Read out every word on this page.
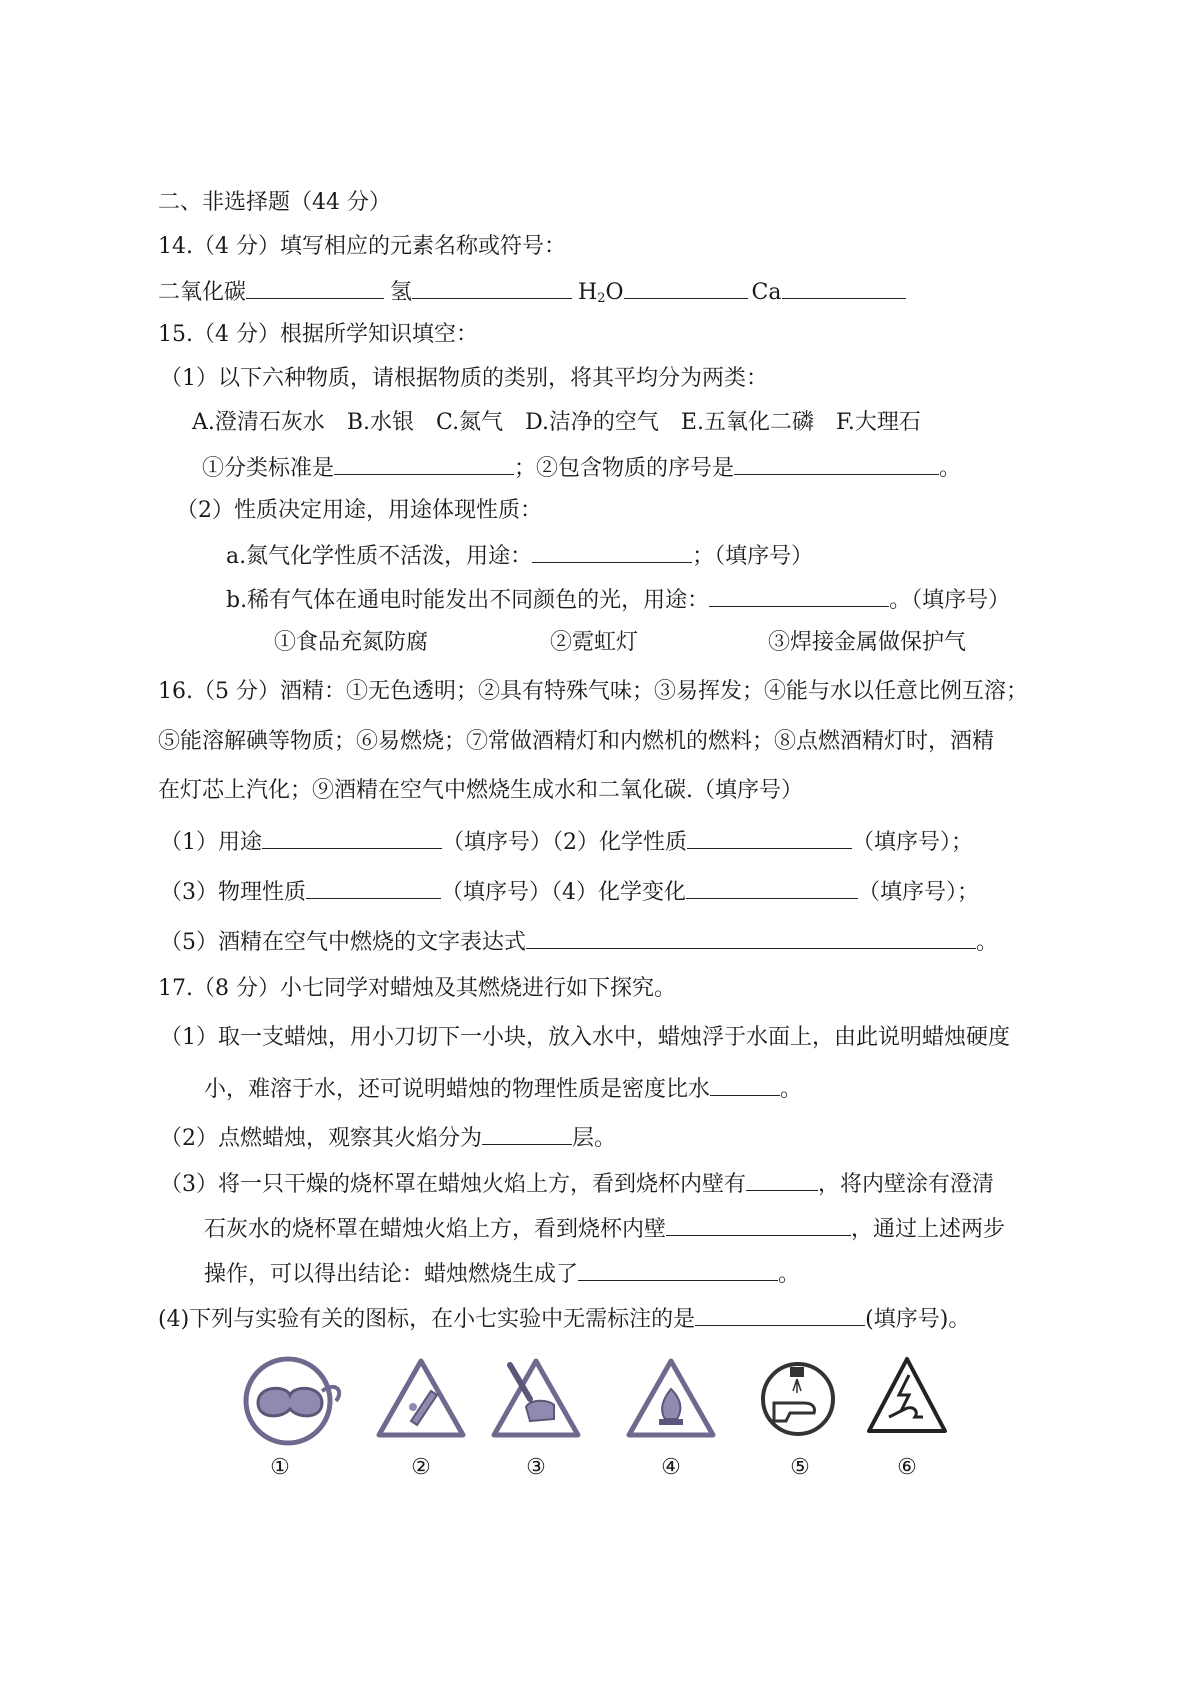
二、非选择题（44 分）
14.（4 分）填写相应的元素名称或符号：
二氧化碳	氢	$H_2O$	Ca
15.（4 分）根据所学知识填空：
（1）以下六种物质，请根据物质的类别，将其平均分为两类：
A.澄清石灰水　B.水银　C.氮气　D.洁净的空气　E.五氧化二磷　F.大理石
①分类标准是	；②包含物质的序号是	。
（2）性质决定用途，用途体现性质：
a.氮气化学性质不活泼，用途：	；（填序号）
b.稀有气体在通电时能发出不同颜色的光，用途：	。（填序号）
①食品充氮防腐	②霓虹灯	③焊接金属做保护气
16.（5 分）酒精：①无色透明；②具有特殊气味；③易挥发；④能与水以任意比例互溶；
⑤能溶解碘等物质；⑥易燃烧；⑦常做酒精灯和内燃机的燃料；⑧点燃酒精灯时，酒精
在灯芯上汽化；⑨酒精在空气中燃烧生成水和二氧化碳.（填序号）
（1）用途	（填序号）（2）化学性质	（填序号）；
（3）物理性质	（填序号）（4）化学变化	（填序号）；
（5）酒精在空气中燃烧的文字表达式	。
17.（8 分）小七同学对蜡烛及其燃烧进行如下探究。
（1）取一支蜡烛，用小刀切下一小块，放入水中，蜡烛浮于水面上，由此说明蜡烛硬度
小，难溶于水，还可说明蜡烛的物理性质是密度比水	。
（2）点燃蜡烛，观察其火焰分为	层。
（3）将一只干燥的烧杯罩在蜡烛火焰上方，看到烧杯内壁有	，将内壁涂有澄清
石灰水的烧杯罩在蜡烛火焰上方，看到烧杯内壁	，通过上述两步
操作，可以得出结论：蜡烛燃烧生成了	。
(4)下列与实验有关的图标，在小七实验中无需标注的是	(填序号)。
①	②	③	④	⑤	⑥
